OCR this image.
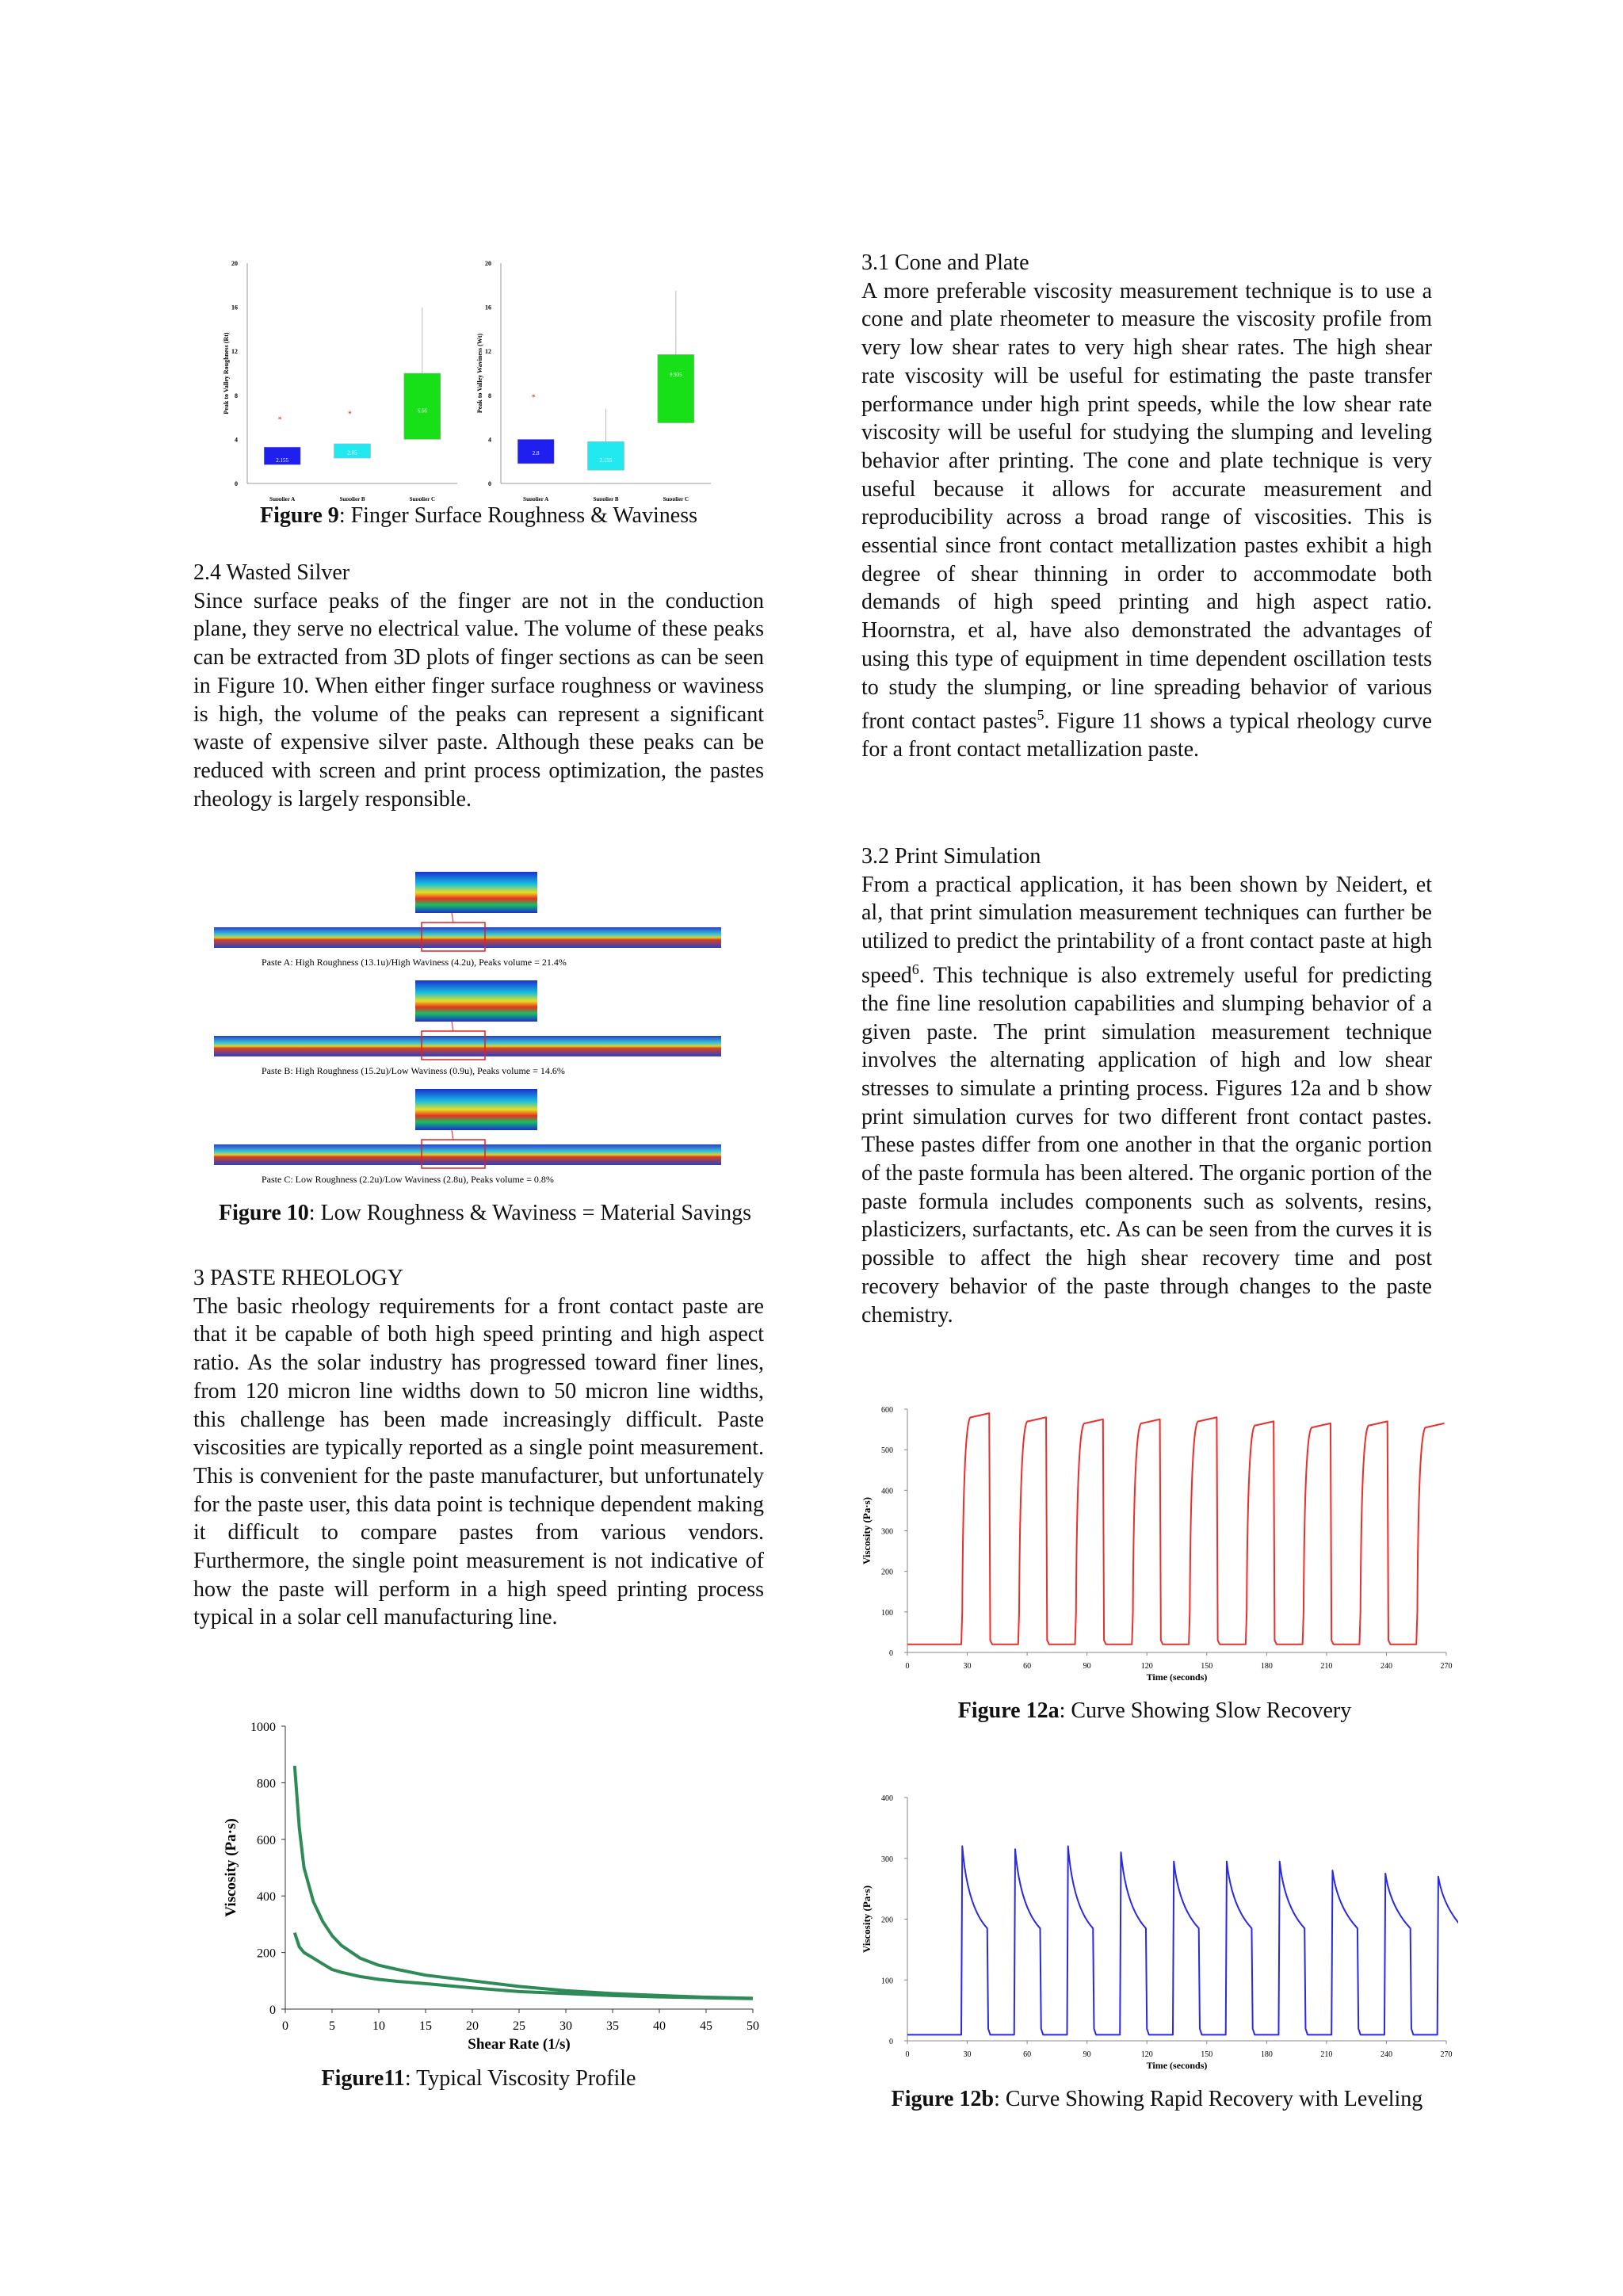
0
4
8
12
16
20
Peak to Valley Roughness (Rt)
2.155
*
Supplier A
2.85
*
Supplier B
6.66
Supplier C
0
4
8
12
16
20
Peak to Valley Waviness (Wt)
2.8
*
Supplier A
2.155
Supplier B
9.935
Supplier C
Figure 9: Finger Surface Roughness & Waviness
2.4 Wasted Silver

Since surface peaks of the finger are not in the conduction plane, they serve no electrical value. The volume of these peaks can be extracted from 3D plots of finger sections as can be seen in Figure 10. When either finger surface roughness or waviness is high, the volume of the peaks can represent a significant waste of expensive silver paste. Although these peaks can be reduced with screen and print process optimization, the pastes rheology is largely responsible.

Paste A: High Roughness (13.1u)/High Waviness (4.2u), Peaks volume = 21.4%
Paste B: High Roughness (15.2u)/Low Waviness (0.9u), Peaks volume = 14.6%
Paste C: Low Roughness (2.2u)/Low Waviness (2.8u), Peaks volume = 0.8%
Figure 10: Low Roughness & Waviness = Material Savings
3 PASTE RHEOLOGY

The basic rheology requirements for a front contact paste are that it be capable of both high speed printing and high aspect ratio. As the solar industry has progressed toward finer lines, from 120 micron line widths down to 50 micron line widths, this challenge has been made increasingly difficult. Paste viscosities are typically reported as a single point measurement. This is convenient for the paste manufacturer, but unfortunately for the paste user, this data point is technique dependent making it difficult to compare pastes from various vendors. Furthermore, the single point measurement is not indicative of how the paste will perform in a high speed printing process typical in a solar cell manufacturing line.

0
200
400
600
800
1000
0	5	10	15	20	25	30	35	40	45	50
Shear Rate (1/s)
Viscosity (Pa·s)
Figure11: Typical Viscosity Profile
3.1 Cone and Plate

A more preferable viscosity measurement technique is to use a cone and plate rheometer to measure the viscosity profile from very low shear rates to very high shear rates. The high shear rate viscosity will be useful for estimating the paste transfer performance under high print speeds, while the low shear rate viscosity will be useful for studying the slumping and leveling behavior after printing. The cone and plate technique is very useful because it allows for accurate measurement and reproducibility across a broad range of viscosities. This is essential since front contact metallization pastes exhibit a high degree of shear thinning in order to accommodate both demands of high speed printing and high aspect ratio. Hoornstra, et al, have also demonstrated the advantages of using this type of equipment in time dependent oscillation tests to study the slumping, or line spreading behavior of various front contact pastes$^5$. Figure 11 shows a typical rheology curve for a front contact metallization paste.

3.2 Print Simulation

From a practical application, it has been shown by Neidert, et al, that print simulation measurement techniques can further be utilized to predict the printability of a front contact paste at high speed$^6$. This technique is also extremely useful for predicting the fine line resolution capabilities and slumping behavior of a given paste. The print simulation measurement technique involves the alternating application of high and low shear stresses to simulate a printing process. Figures 12a and b show print simulation curves for two different front contact pastes. These pastes differ from one another in that the organic portion of the paste formula has been altered. The organic portion of the paste formula includes components such as solvents, resins, plasticizers, surfactants, etc. As can be seen from the curves it is possible to affect the high shear recovery time and post recovery behavior of the paste through changes to the paste chemistry.

0
100
200
300
400
500
600
0	30	60	90	120	150	180	210	240	270
Time (seconds)
Viscosity (Pa·s)
Figure 12a: Curve Showing Slow Recovery
0
100
200
300
400
0	30	60	90	120	150	180	210	240	270
Time (seconds)
Viscosity (Pa·s)
Figure 12b: Curve Showing Rapid Recovery with Leveling
